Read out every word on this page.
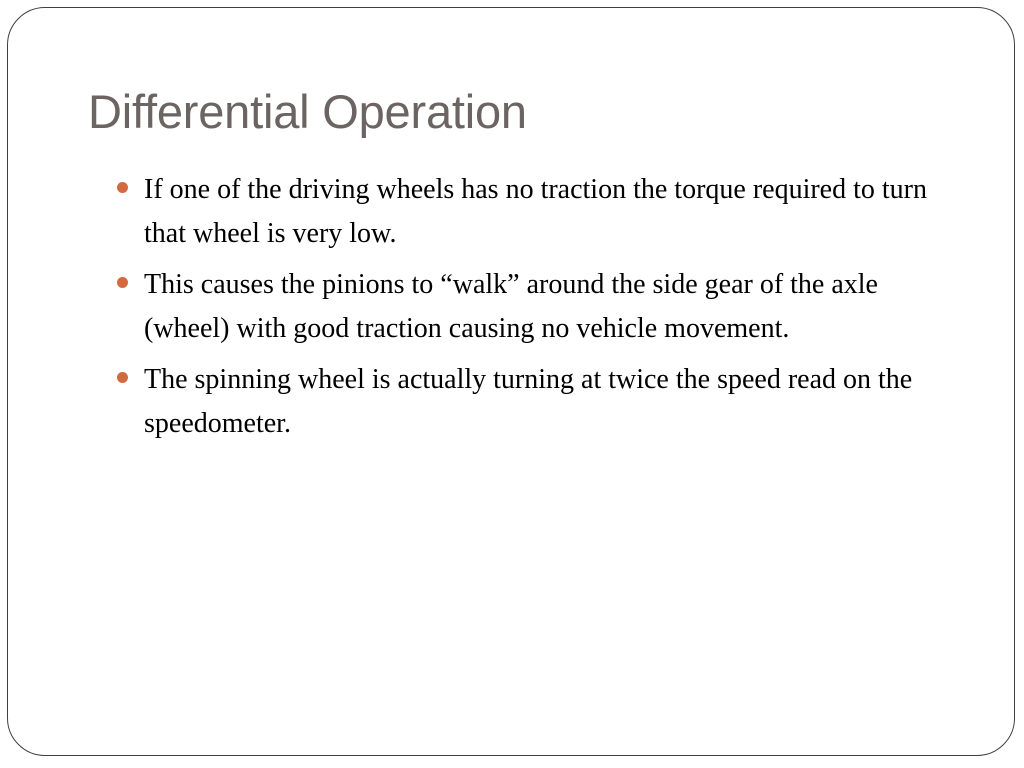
Differential Operation
If one of the driving wheels has no traction the torque required to turn that wheel is very low.
This causes the pinions to “walk” around the side gear of the axle (wheel) with good traction causing no vehicle movement.
The spinning wheel is actually turning at twice the speed read on the speedometer.
